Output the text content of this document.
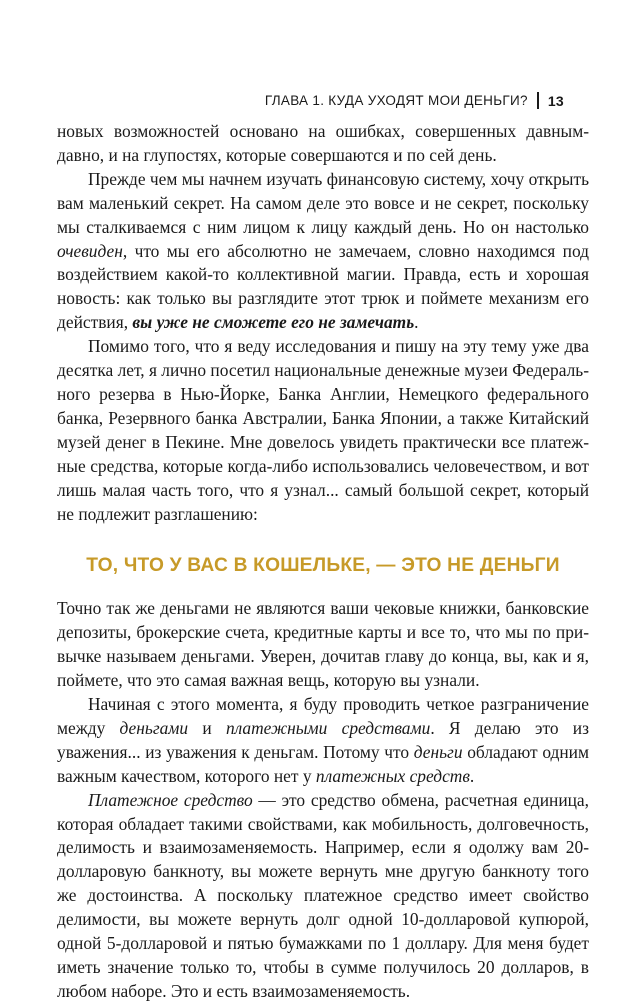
ГЛАВА 1. КУДА УХОДЯТ МОИ ДЕНЬГИ? 13

новых возможностей основано на ошибках, совершенных давным-давно, и на глупостях, которые совершаются и по сей день.

Прежде чем мы начнем изучать финансовую систему, хочу открыть вам маленький секрет. На самом деле это вовсе и не секрет, поскольку мы сталкиваемся с ним лицом к лицу каждый день. Но он настолько очевиден, что мы его абсолютно не замечаем, словно находимся под воздействием какой-то коллективной магии. Правда, есть и хорошая новость: как только вы разглядите этот трюк и поймете механизм его действия, вы уже не сможете его не замечать.

Помимо того, что я веду исследования и пишу на эту тему уже два десятка лет, я лично посетил национальные денежные музеи Федерального резерва в Нью-Йорке, Банка Англии, Немецкого федерального банка, Резервного банка Австралии, Банка Японии, а также Китайский музей денег в Пекине. Мне довелось увидеть практически все платежные средства, которые когда-либо использовались человечеством, и вот лишь малая часть того, что я узнал... самый большой секрет, который не подлежит разглашению:

ТО, ЧТО У ВАС В КОШЕЛЬКЕ, — ЭТО НЕ ДЕНЬГИ

Точно так же деньгами не являются ваши чековые книжки, банковские депозиты, брокерские счета, кредитные карты и все то, что мы по привычке называем деньгами. Уверен, дочитав главу до конца, вы, как и я, поймете, что это самая важная вещь, которую вы узнали.

Начиная с этого момента, я буду проводить четкое разграничение между деньгами и платежными средствами. Я делаю это из уважения... из уважения к деньгам. Потому что деньги обладают одним важным качеством, которого нет у платежных средств.

Платежное средство — это средство обмена, расчетная единица, которая обладает такими свойствами, как мобильность, долговечность, делимость и взаимозаменяемость. Например, если я одолжу вам 20-долларовую банкноту, вы можете вернуть мне другую банкноту того же достоинства. А поскольку платежное средство имеет свойство делимости, вы можете вернуть долг одной 10-долларовой купюрой, одной 5-долларовой и пятью бумажками по 1 доллару. Для меня будет иметь значение только то, чтобы в сумме получилось 20 долларов, в любом наборе. Это и есть взаимозаменяемость.
